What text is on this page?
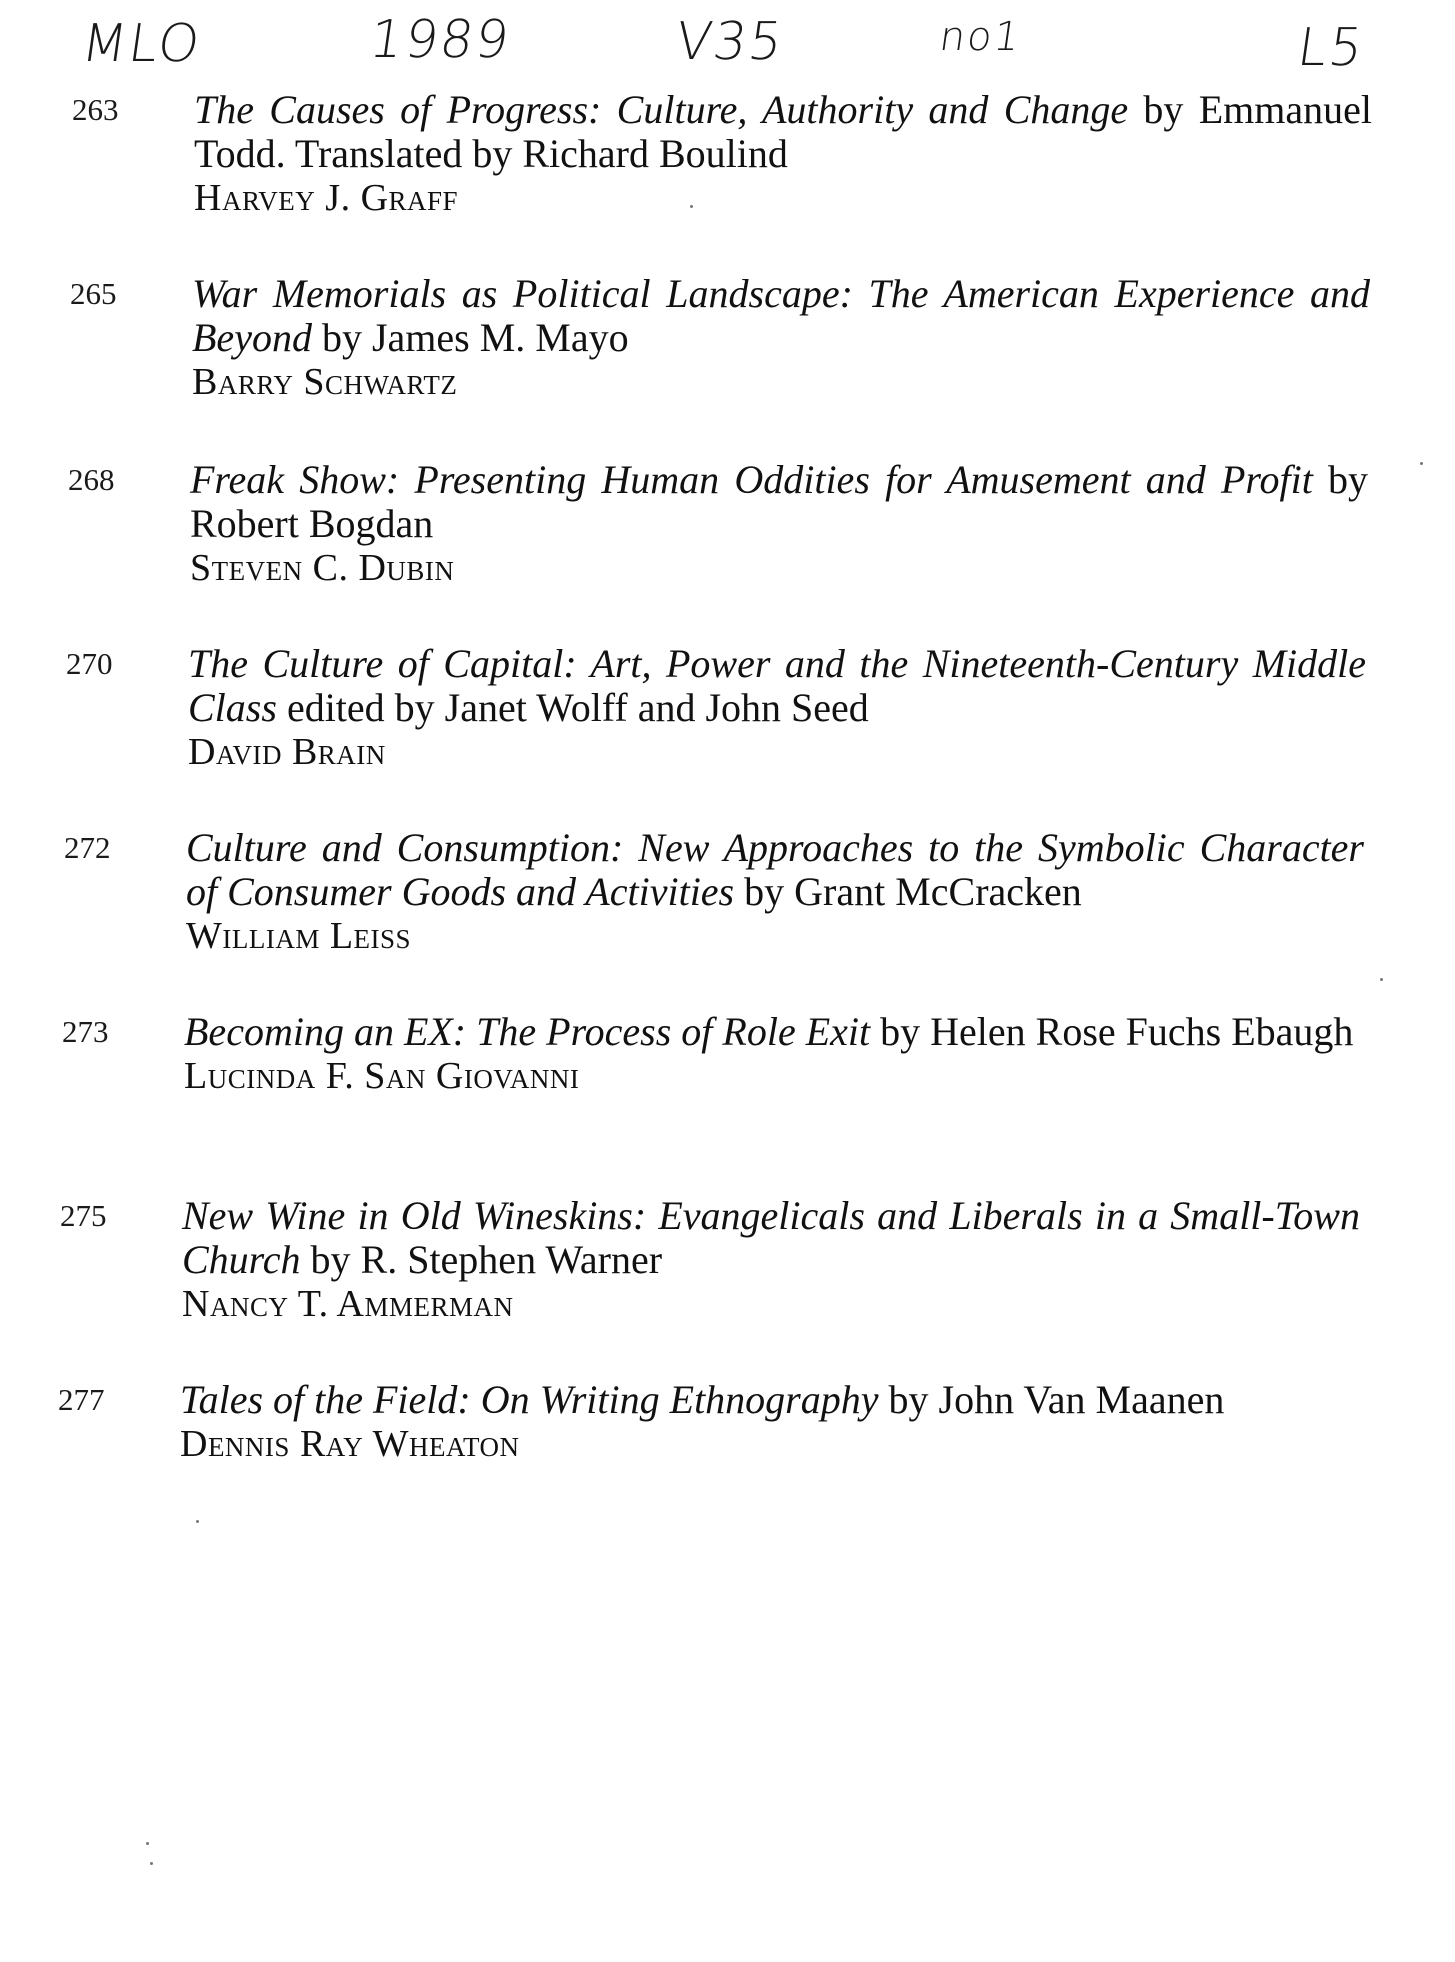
MLO	1989	V35	no1	L5
263 The Causes of Progress: Culture, Authority and Change by Emmanuel Todd. Translated by Richard Boulind
Harvey J. Graff
265 War Memorials as Political Landscape: The American Experience and Beyond by James M. Mayo
Barry Schwartz
268 Freak Show: Presenting Human Oddities for Amusement and Profit by Robert Bogdan
Steven C. Dubin
270 The Culture of Capital: Art, Power and the Nineteenth-Century Middle Class edited by Janet Wolff and John Seed
David Brain
272 Culture and Consumption: New Approaches to the Symbolic Character of Consumer Goods and Activities by Grant McCracken
William Leiss
273 Becoming an EX: The Process of Role Exit by Helen Rose Fuchs Ebaugh
Lucinda F. San Giovanni
275 New Wine in Old Wineskins: Evangelicals and Liberals in a Small-Town Church by R. Stephen Warner
Nancy T. Ammerman
277 Tales of the Field: On Writing Ethnography by John Van Maanen
Dennis Ray Wheaton
